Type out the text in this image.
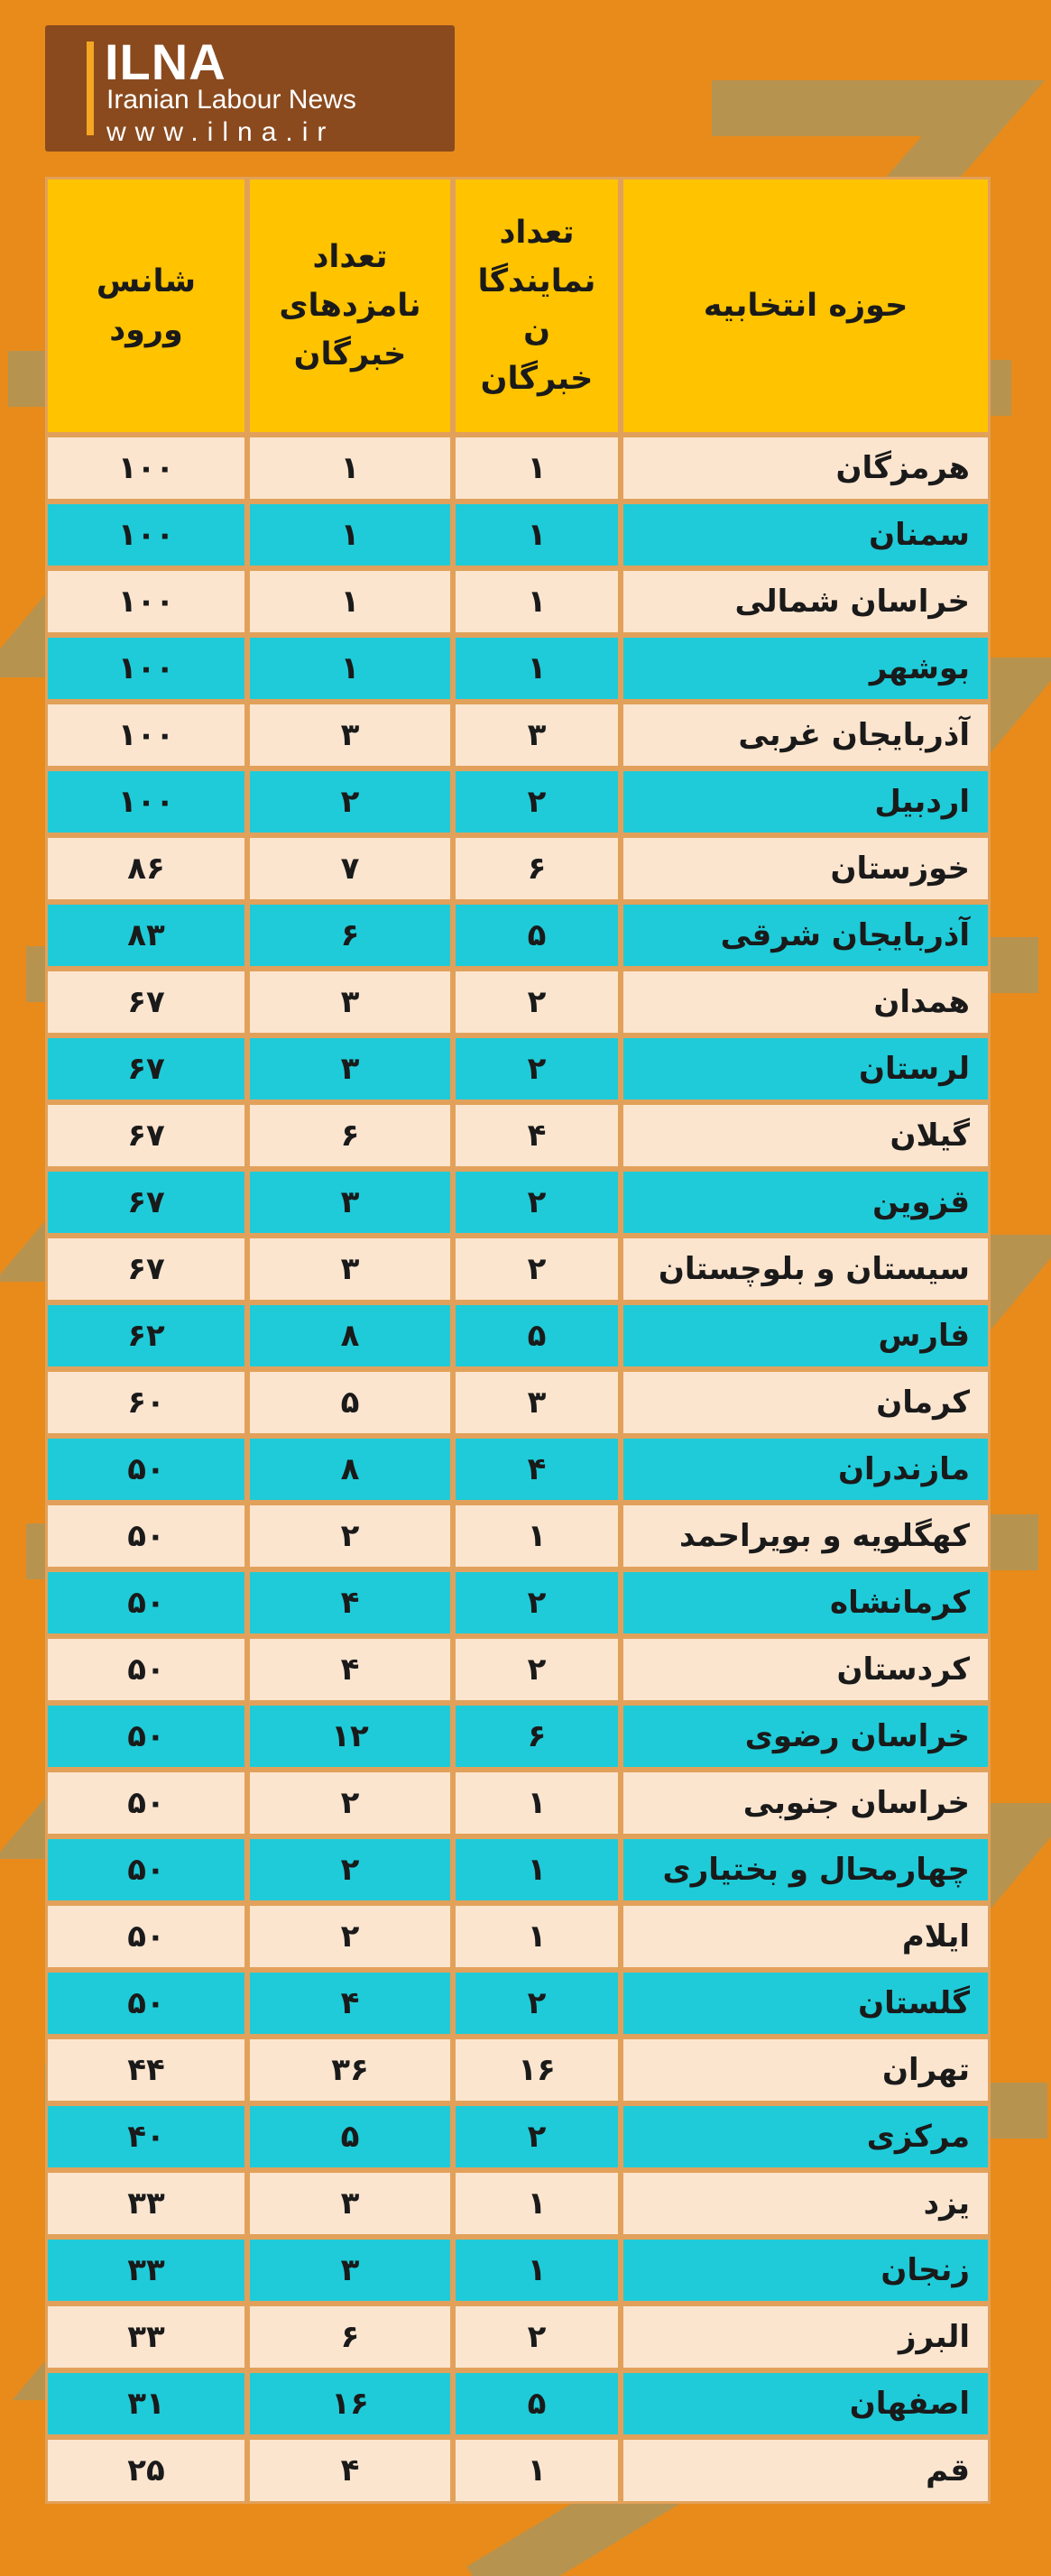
ILNA
Iranian Labour News
www.ilna.ir
حوزه انتخابیه
تعداد
نمایندگا
ن
خبرگان
تعداد
نامزدهای
خبرگان
شانس
ورود
هرمزگان
۱
۱
۱۰۰
سمنان
۱
۱
۱۰۰
خراسان شمالی
۱
۱
۱۰۰
بوشهر
۱
۱
۱۰۰
آذربایجان غربی
۳
۳
۱۰۰
اردبیل
۲
۲
۱۰۰
خوزستان
۶
۷
۸۶
آذربایجان شرقی
۵
۶
۸۳
همدان
۲
۳
۶۷
لرستان
۲
۳
۶۷
گیلان
۴
۶
۶۷
قزوین
۲
۳
۶۷
سیستان و بلوچستان
۲
۳
۶۷
فارس
۵
۸
۶۲
کرمان
۳
۵
۶۰
مازندران
۴
۸
۵۰
کهگلویه و بویراحمد
۱
۲
۵۰
کرمانشاه
۲
۴
۵۰
کردستان
۲
۴
۵۰
خراسان رضوی
۶
۱۲
۵۰
خراسان جنوبی
۱
۲
۵۰
چهارمحال و بختیاری
۱
۲
۵۰
ایلام
۱
۲
۵۰
گلستان
۲
۴
۵۰
تهران
۱۶
۳۶
۴۴
مرکزی
۲
۵
۴۰
یزد
۱
۳
۳۳
زنجان
۱
۳
۳۳
البرز
۲
۶
۳۳
اصفهان
۵
۱۶
۳۱
قم
۱
۴
۲۵
